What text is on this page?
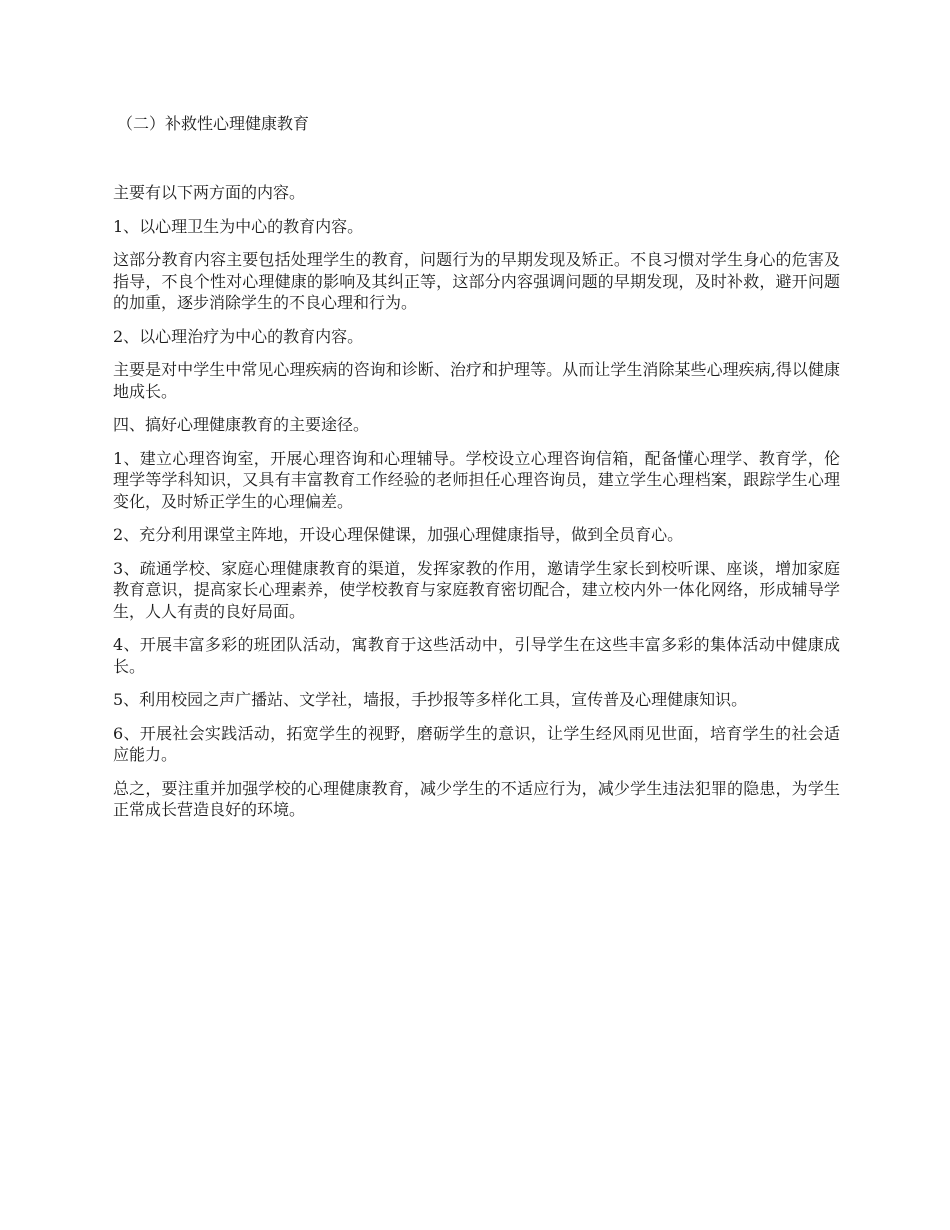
（二）补救性心理健康教育

主要有以下两方面的内容。

1、以心理卫生为中心的教育内容。

这部分教育内容主要包括处理学生的教育，问题行为的早期发现及矫正。不良习惯对学生身心的危害及指导，不良个性对心理健康的影响及其纠正等，这部分内容强调问题的早期发现，及时补救，避开问题的加重，逐步消除学生的不良心理和行为。

2、以心理治疗为中心的教育内容。

主要是对中学生中常见心理疾病的咨询和诊断、治疗和护理等。从而让学生消除某些心理疾病,得以健康地成长。

四、搞好心理健康教育的主要途径。

1、建立心理咨询室，开展心理咨询和心理辅导。学校设立心理咨询信箱，配备懂心理学、教育学，伦理学等学科知识，又具有丰富教育工作经验的老师担任心理咨询员，建立学生心理档案，跟踪学生心理变化，及时矫正学生的心理偏差。

2、充分利用课堂主阵地，开设心理保健课，加强心理健康指导，做到全员育心。

3、疏通学校、家庭心理健康教育的渠道，发挥家教的作用，邀请学生家长到校听课、座谈，增加家庭教育意识，提高家长心理素养，使学校教育与家庭教育密切配合，建立校内外一体化网络，形成辅导学生，人人有责的良好局面。

4、开展丰富多彩的班团队活动，寓教育于这些活动中，引导学生在这些丰富多彩的集体活动中健康成长。

5、利用校园之声广播站、文学社，墙报，手抄报等多样化工具，宣传普及心理健康知识。

6、开展社会实践活动，拓宽学生的视野，磨砺学生的意识，让学生经风雨见世面，培育学生的社会适应能力。

总之，要注重并加强学校的心理健康教育，减少学生的不适应行为，减少学生违法犯罪的隐患，为学生正常成长营造良好的环境。
